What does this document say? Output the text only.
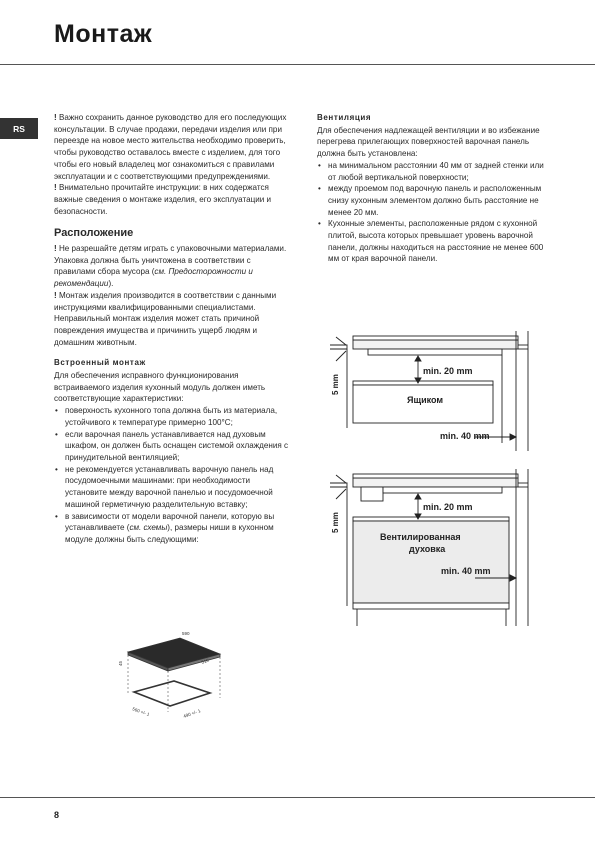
Монтаж
RS

! Важно сохранить данное руководство для его последующих консультации. В случае продажи, передачи изделия или при переезде на новое место жительства необходимо проверить, чтобы руководство оставалось вместе с изделием, для того чтобы его новый владелец мог ознакомиться с правилами эксплуатации и с соответствующими предупреждениями.

! Внимательно прочитайте инструкции: в них содержатся важные сведения о монтаже изделия, его эксплуатации и безопасности.

Расположение

! Не разрешайте детям играть с упаковочными материалами. Упаковка должна быть уничтожена в соответствии с правилами сбора мусора (см. Предосторожности и рекомендации).

! Монтаж изделия производится в соответствии с данными инструкциями квалифицированными специалистами. Неправильный монтаж изделия может стать причиной повреждения имущества и причинить ущерб людям и домашним животным.

Встроенный монтаж

Для обеспечения исправного функционирования встраиваемого изделия кухонный модуль должен иметь соответствующие характеристики:

• поверхность кухонного топа должна быть из материала, устойчивого к температуре примерно 100°C;
• если варочная панель устанавливается над духовым шкафом, он должен быть оснащен системой охлаждения с принудительной вентиляцией;
• не рекомендуется устанавливать варочную панель над посудомоечными машинами: при необходимости установите между варочной панелью и посудомоечной машиной герметичную разделительную вставку;
• в зависимости от модели варочной панели, которую вы устанавливаете (см. схемы), размеры ниши в кухонном модуле должны быть следующими:
590
510
45
560 +/- 1	490 +/- 1
Вентиляция

Для обеспечения надлежащей вентиляции и во избежание перегрева прилегающих поверхностей варочная панель должна быть установлена:

• на минимальном расстоянии 40 мм от задней стенки или от любой вертикальной поверхности;
• между проемом под варочную панель и расположенным снизу кухонным элементом должно быть расстояние не менее 20 мм.
• Кухонные элементы, расположенные рядом с кухонной плитой, высота которых превышает уровень варочной панели, должны находиться на расстояние не менее 600 мм от края варочной панели.
min. 20 mm
5 mm
Ящиком
min. 40 mm
min. 20 mm
5 mm
Вентилированная
духовка
min. 40 mm
8
